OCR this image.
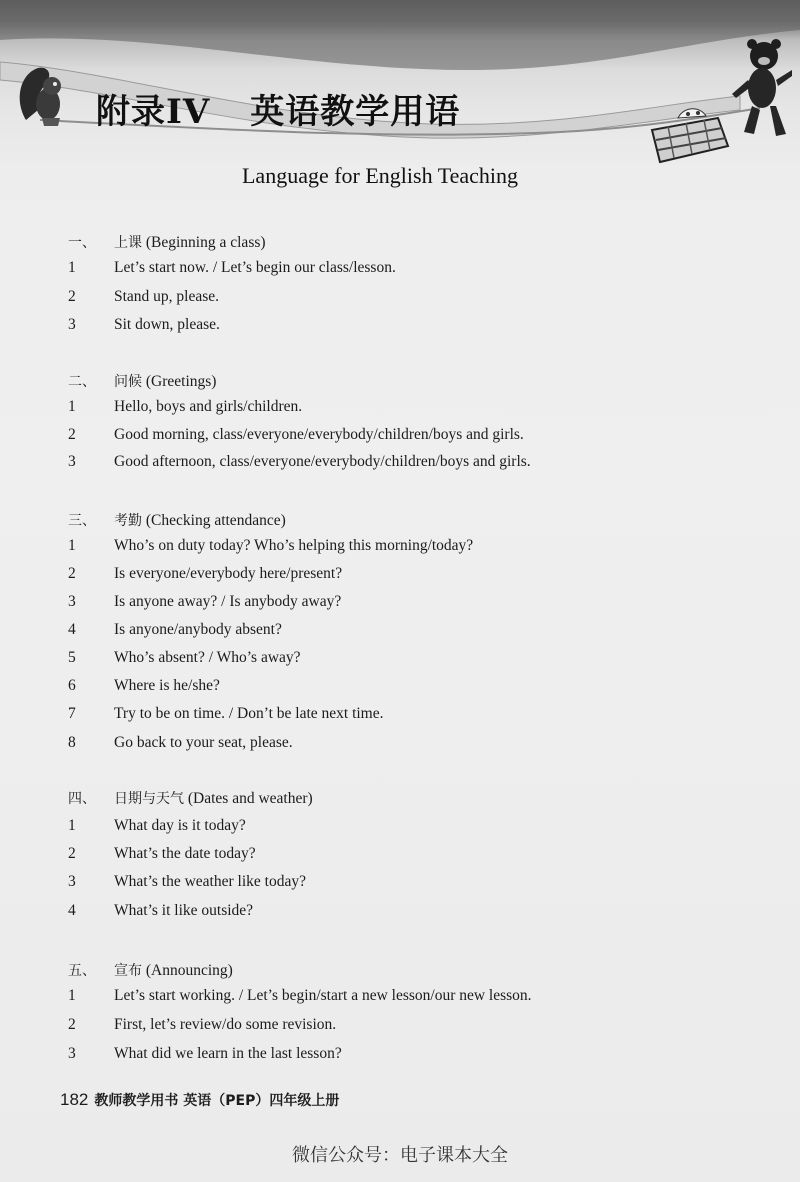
附录IV 英语教学用语
Language for English Teaching
一、 上课 (Beginning a class)
1 Let’s start now. / Let’s begin our class/lesson.
2 Stand up, please.
3 Sit down, please.
二、 问候 (Greetings)
1 Hello, boys and girls/children.
2 Good morning, class/everyone/everybody/children/boys and girls.
3 Good afternoon, class/everyone/everybody/children/boys and girls.
三、 考勤 (Checking attendance)
1 Who’s on duty today? Who’s helping this morning/today?
2 Is everyone/everybody here/present?
3 Is anyone away? / Is anybody away?
4 Is anyone/anybody absent?
5 Who’s absent? / Who’s away?
6 Where is he/she?
7 Try to be on time. / Don’t be late next time.
8 Go back to your seat, please.
四、 日期与天气 (Dates and weather)
1 What day is it today?
2 What’s the date today?
3 What’s the weather like today?
4 What’s it like outside?
五、 宣布 (Announcing)
1 Let’s start working. / Let’s begin/start a new lesson/our new lesson.
2 First, let’s review/do some revision.
3 What did we learn in the last lesson?
182 教师教学用书 英语（PEP）四年级上册
微信公众号：电子课本大全
